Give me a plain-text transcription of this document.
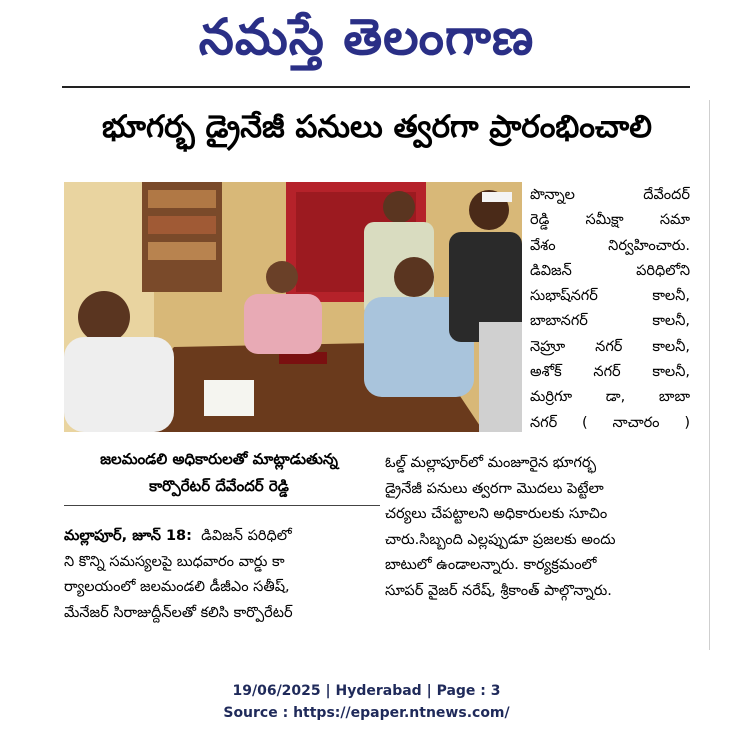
నమస్తే తెలంగాణ
భూగర్భ డ్రైనేజీ పనులు త్వరగా ప్రారంభించాలి
జలమండలి అధికారులతో మాట్లాడుతున్న
కార్పొరేటర్ దేవేందర్ రెడ్డి
మల్లాపూర్, జూన్ 18: డివిజన్ పరిధిలో
ని కొన్ని సమస్యలపై బుధవారం వార్డు కా
ర్యాలయంలో జలమండలి డీజీఎం సతీష్,
మేనేజర్ సిరాజుద్దీన్‌లతో కలిసి కార్పొరేటర్
పొన్నాల దేవేందర్
రెడ్డి సమీక్షా సమా
వేశం నిర్వహించారు.
డివిజన్ పరిధిలోని
సుభాష్‌నగర్ కాలనీ,
బాబానగర్ కాలనీ,
నెహ్రూ నగర్ కాలనీ,
అశోక్ నగర్ కాలనీ,
మర్రిగూ డా, బాబా
నగర్ ( నాచారం )
ఓల్డ్ మల్లాపూర్‌లో మంజూరైన భూగర్భ
డ్రైనేజీ పనులు త్వరగా మొదలు పెట్టేలా
చర్యలు చేపట్టాలని అధికారులకు సూచిం
చారు.సిబ్బంది ఎల్లప్పుడూ ప్రజలకు అందు
బాటులో ఉండాలన్నారు. కార్యక్రమంలో
సూపర్ వైజర్ నరేష్, శ్రీకాంత్ పాల్గొన్నారు.
19/06/2025 | Hyderabad | Page : 3
Source : https://epaper.ntnews.com/
